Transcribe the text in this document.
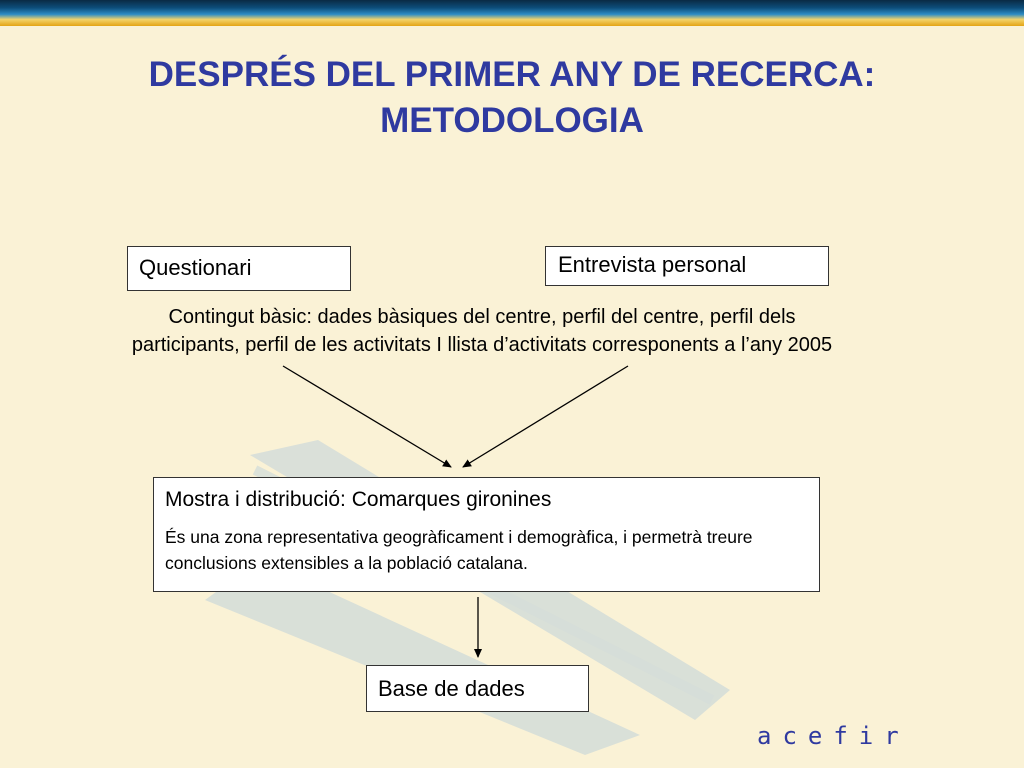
DESPRÉS DEL PRIMER ANY DE RECERCA:
METODOLOGIA
Questionari	Entrevista personal
Contingut bàsic: dades bàsiques del centre, perfil del centre, perfil dels participants, perfil de les activitats I llista d’activitats corresponents a l’any 2005
Mostra i distribució: Comarques gironines
És una zona representativa geogràficament i demogràfica, i permetrà treure conclusions extensibles a la població catalana.
Base de dades
acefir
